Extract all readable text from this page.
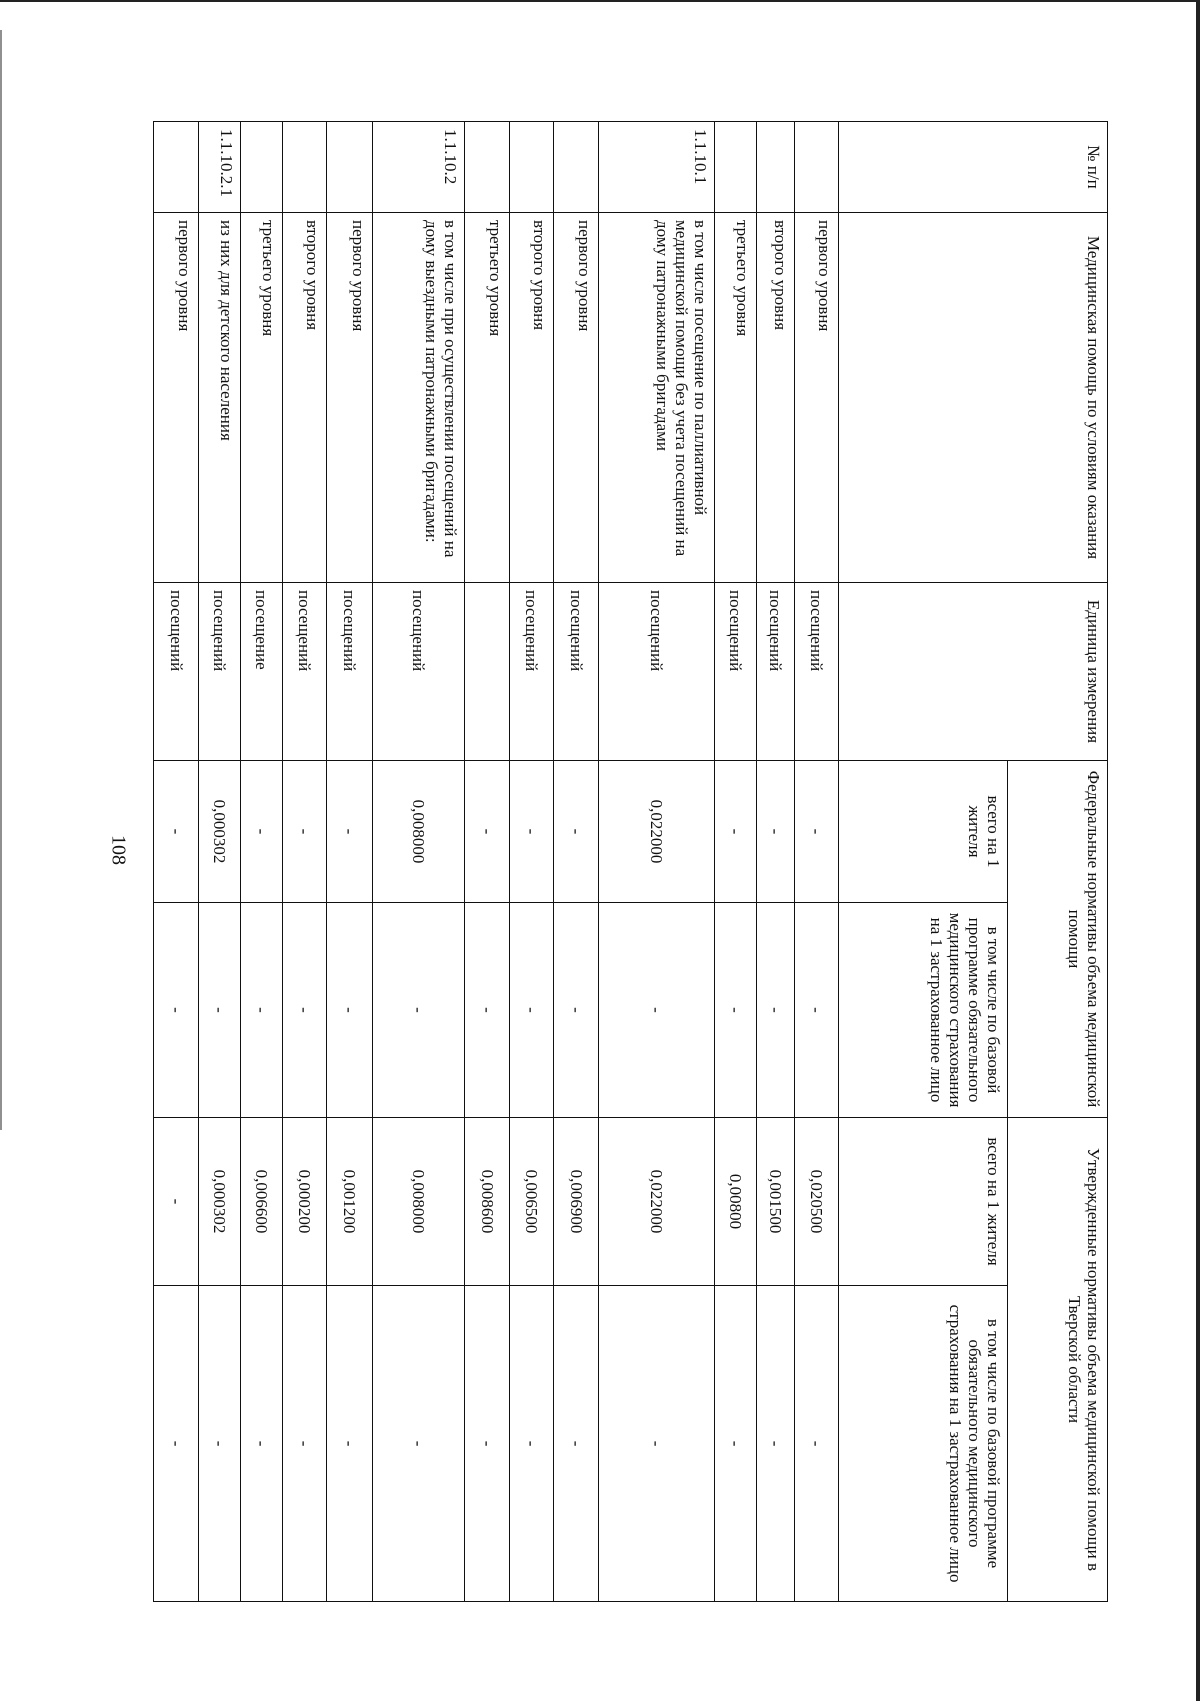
108
№ п/п	Медицинская помощь по условиям оказания	Единица измерения	Федеральные нормативы объема медицинской помощи		Утвержденные нормативы объема медицинской помощи в Тверской области	
			всего на 1 жителя	в том числе по базовой программе обязательного медицинского страхования на 1 застрахованное лицо	всего на 1 жителя	в том числе по базовой программе обязательного медицинского страхования на 1 застрахованное лицо
	первого уровня	посещений	-	-	0,020500	-
	второго уровня	посещений	-	-	0,001500	-
	третьего уровня	посещений	-	-	0,00800	-
1.1.10.1	в том числе посещение по паллиативной медицинской помощи без учета посещений на дому патронажными бригадами	посещений	0,022000	-	0,022000	-
	первого уровня	посещений	-	-	0,006900	-
	второго уровня	посещений	-	-	0,006500	-
	третьего уровня		-	-	0,008600	-
1.1.10.2	в том числе при осуществлении посещений на дому выездными патронажными бригадами:	посещений	0,008000	-	0,008000	-
	первого уровня	посещений	-	-	0,001200	-
	второго уровня	посещений	-	-	0,000200	-
	третьего уровня	посещение	-	-	0,006600	-
1.1.10.2.1	из них для детского населения	посещений	0,000302	-	0,000302	-
	первого уровня	посещений	-	-	-	-
